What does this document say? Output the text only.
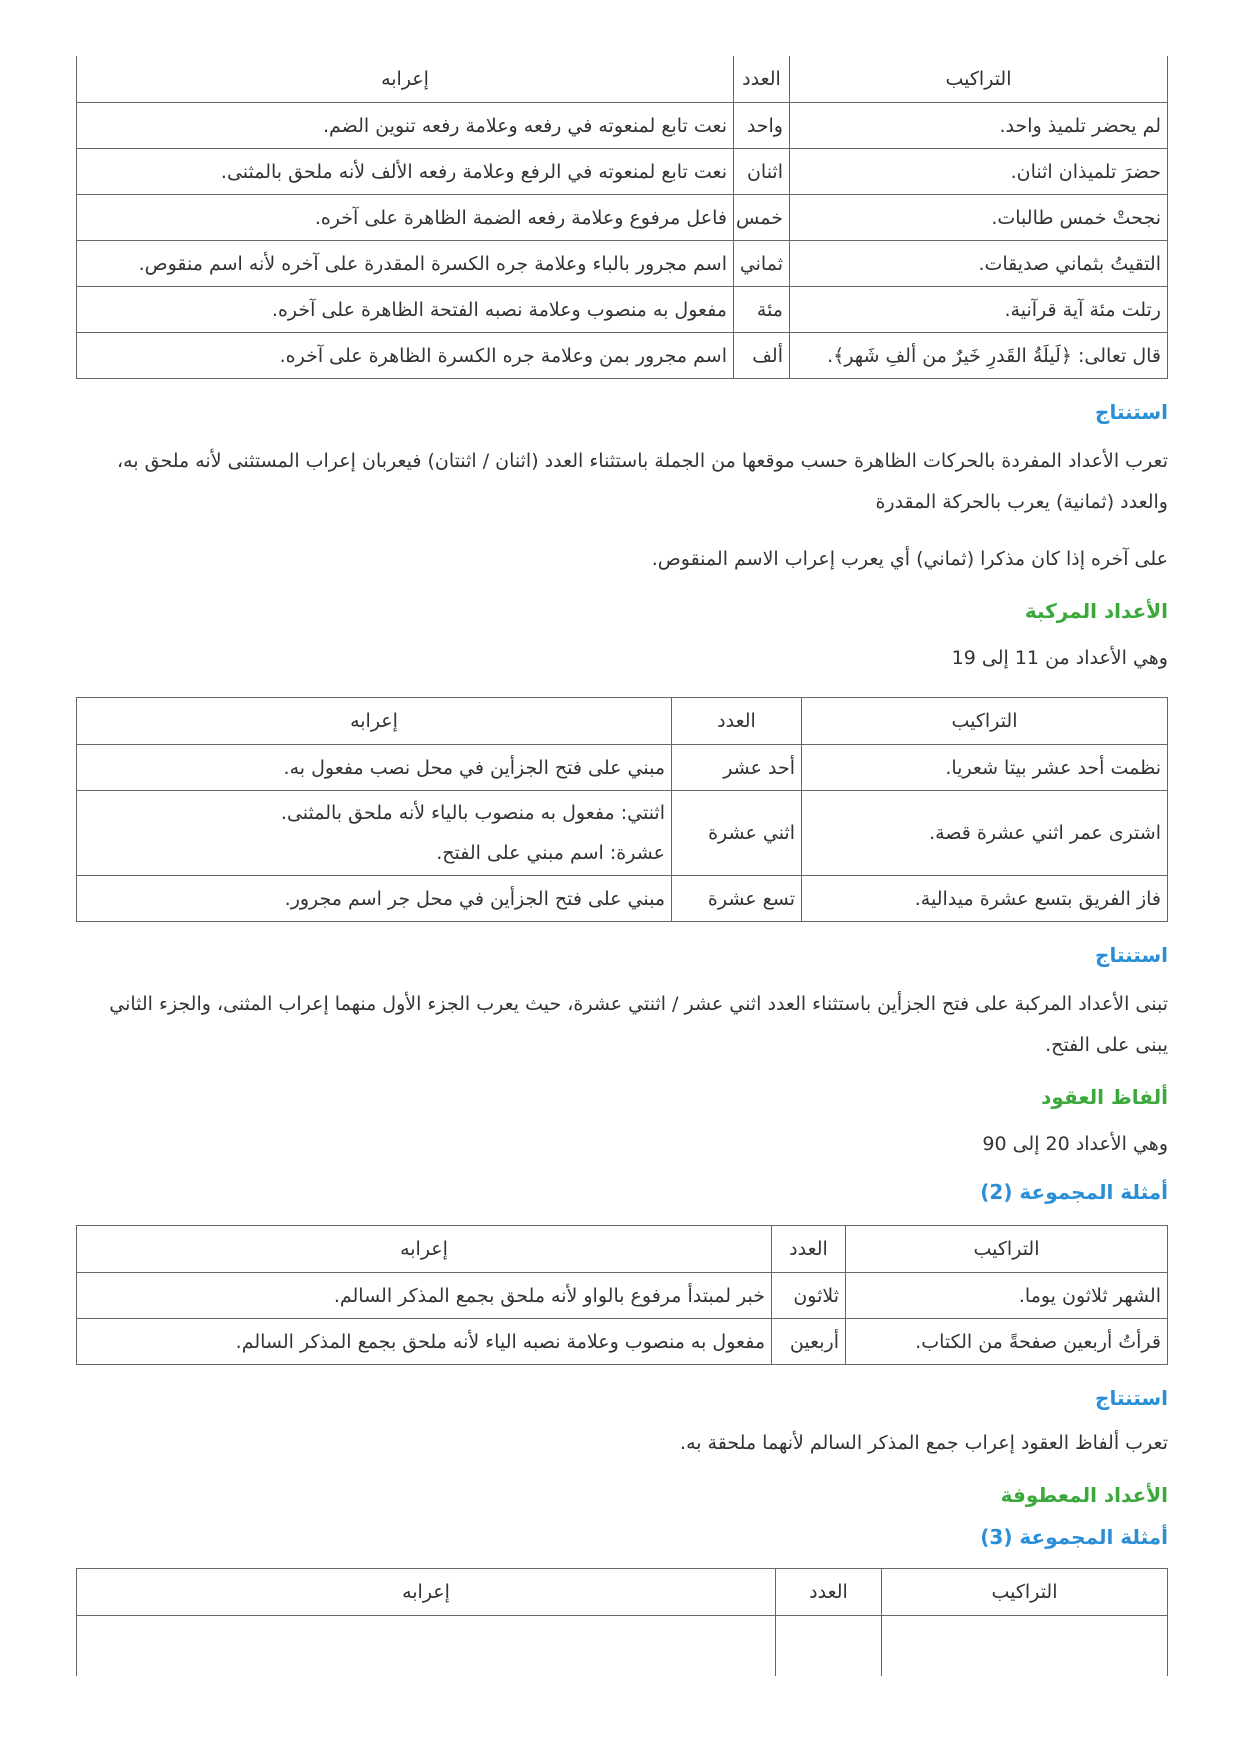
التراكيب	العدد	إعرابه
لم يحضر تلميذ واحد.	واحد	نعت تابع لمنعوته في رفعه وعلامة رفعه تنوين الضم.
حضرَ تلميذان اثنان.	اثنان	نعت تابع لمنعوته في الرفع وعلامة رفعه الألف لأنه ملحق بالمثنى.
نجحتْ خمس طالبات.	خمس	فاعل مرفوع وعلامة رفعه الضمة الظاهرة على آخره.
التقيتُ بثماني صديقات.	ثماني	اسم مجرور بالباء وعلامة جره الكسرة المقدرة على آخره لأنه اسم منقوص.
رتلت مئة آية قرآنية.	مئة	مفعول به منصوب وعلامة نصبه الفتحة الظاهرة على آخره.
قال تعالى: ﴿لَيلَةُ القَدرِ خَيرٌ من ألفِ شَهر﴾.	ألف	اسم مجرور بمن وعلامة جره الكسرة الظاهرة على آخره.
استنتاج

تعرب الأعداد المفردة بالحركات الظاهرة حسب موقعها من الجملة باستثناء العدد (اثنان / اثنتان) فيعربان إعراب المستثنى لأنه ملحق به، والعدد (ثمانية) يعرب بالحركة المقدرة

على آخره إذا كان مذكرا (ثماني) أي يعرب إعراب الاسم المنقوص.

الأعداد المركبة

وهي الأعداد من 11 إلى 19

التراكيب	العدد	إعرابه
نظمت أحد عشر بيتا شعريا.	أحد عشر	مبني على فتح الجزأين في محل نصب مفعول به.
اشترى عمر اثني عشرة قصة.	اثني عشرة	اثنتي: مفعول به منصوب بالياء لأنه ملحق بالمثنى.
عشرة: اسم مبني على الفتح.

فاز الفريق بتسع عشرة ميدالية.	تسع عشرة	مبني على فتح الجزأين في محل جر اسم مجرور.
استنتاج

تبنى الأعداد المركبة على فتح الجزأين باستثناء العدد اثني عشر / اثنتي عشرة، حيث يعرب الجزء الأول منهما إعراب المثنى، والجزء الثاني يبنى على الفتح.

ألفاظ العقود

وهي الأعداد 20 إلى 90

أمثلة المجموعة (2)
التراكيب	العدد	إعرابه
الشهر ثلاثون يوما.	ثلاثون	خبر لمبتدأ مرفوع بالواو لأنه ملحق بجمع المذكر السالم.
قرأتُ أربعين صفحةً من الكتاب.	أربعين	مفعول به منصوب وعلامة نصبه الياء لأنه ملحق بجمع المذكر السالم.
استنتاج

تعرب ألفاظ العقود إعراب جمع المذكر السالم لأنهما ملحقة به.

الأعداد المعطوفة
أمثلة المجموعة (3)
التراكيب	العدد	إعرابه
